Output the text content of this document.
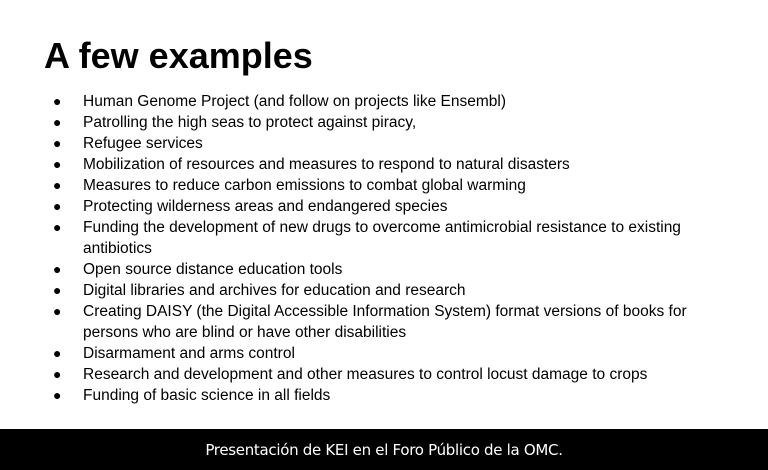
A few examples
●	Human Genome Project (and follow on projects like Ensembl)
●	Patrolling the high seas to protect against piracy,
●	Refugee services
●	Mobilization of resources and measures to respond to natural disasters
●	Measures to reduce carbon emissions to combat global warming
●	Protecting wilderness areas and endangered species
●	Funding the development of new drugs to overcome antimicrobial resistance to existing antibiotics
●	Open source distance education tools
●	Digital libraries and archives for education and research
●	Creating DAISY (the Digital Accessible Information System) format versions of books for persons who are blind or have other disabilities
●	Disarmament and arms control
●	Research and development and other measures to control locust damage to crops
●	Funding of basic science in all fields
Presentación de KEI en el Foro Público de la OMC.
